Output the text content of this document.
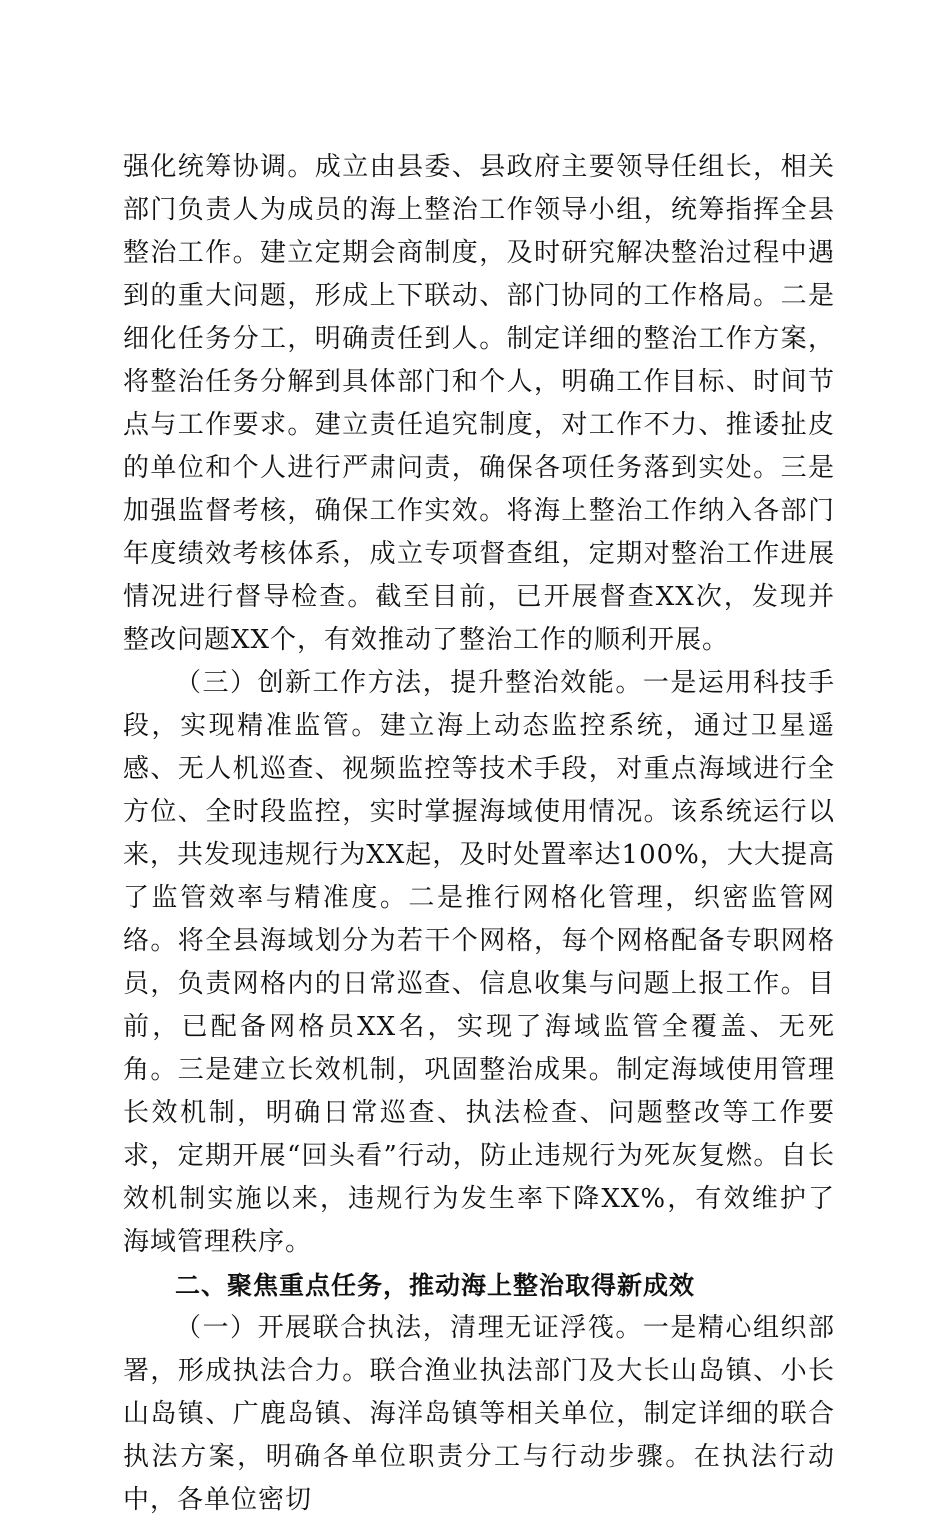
强化统筹协调。成立由县委、县政府主要领导任组长，相关部门负责人为成员的海上整治工作领导小组，统筹指挥全县整治工作。建立定期会商制度，及时研究解决整治过程中遇到的重大问题，形成上下联动、部门协同的工作格局。二是细化任务分工，明确责任到人。制定详细的整治工作方案，将整治任务分解到具体部门和个人，明确工作目标、时间节点与工作要求。建立责任追究制度，对工作不力、推诿扯皮的单位和个人进行严肃问责，确保各项任务落到实处。三是加强监督考核，确保工作实效。将海上整治工作纳入各部门年度绩效考核体系，成立专项督查组，定期对整治工作进展情况进行督导检查。截至目前，已开展督查XX次，发现并整改问题XX个，有效推动了整治工作的顺利开展。

（三）创新工作方法，提升整治效能。一是运用科技手段，实现精准监管。建立海上动态监控系统，通过卫星遥感、无人机巡查、视频监控等技术手段，对重点海域进行全方位、全时段监控，实时掌握海域使用情况。该系统运行以来，共发现违规行为XX起，及时处置率达100%，大大提高了监管效率与精准度。二是推行网格化管理，织密监管网络。将全县海域划分为若干个网格，每个网格配备专职网格员，负责网格内的日常巡查、信息收集与问题上报工作。目前，已配备网格员XX名，实现了海域监管全覆盖、无死角。三是建立长效机制，巩固整治成果。制定海域使用管理长效机制，明确日常巡查、执法检查、问题整改等工作要求，定期开展“回头看”行动，防止违规行为死灰复燃。自长效机制实施以来，违规行为发生率下降XX%，有效维护了海域管理秩序。

二、聚焦重点任务，推动海上整治取得新成效

（一）开展联合执法，清理无证浮筏。一是精心组织部署，形成执法合力。联合渔业执法部门及大长山岛镇、小长山岛镇、广鹿岛镇、海洋岛镇等相关单位，制定详细的联合执法方案，明确各单位职责分工与行动步骤。在执法行动中，各单位密切
